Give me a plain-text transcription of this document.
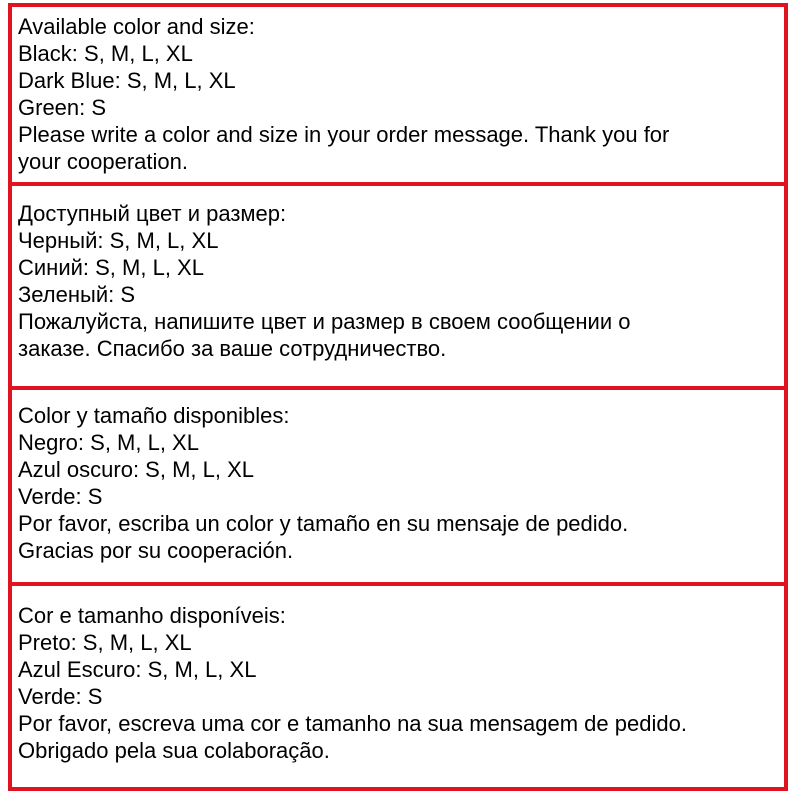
Available color and size:
Black: S, M, L, XL
Dark Blue: S, M, L, XL
Green: S
Please write a color and size in your order message. Thank you for
your cooperation.
Доступный цвет и размер:
Черный: S, M, L, XL
Синий: S, M, L, XL
Зеленый: S
Пожалуйста, напишите цвет и размер в своем сообщении о
заказе. Спасибо за ваше сотрудничество.
Color y tamaño disponibles:
Negro: S, M, L, XL
Azul oscuro: S, M, L, XL
Verde: S
Por favor, escriba un color y tamaño en su mensaje de pedido.
Gracias por su cooperación.
Cor e tamanho disponíveis:
Preto: S, M, L, XL
Azul Escuro: S, M, L, XL
Verde: S
Por favor, escreva uma cor e tamanho na sua mensagem de pedido.
Obrigado pela sua colaboração.
